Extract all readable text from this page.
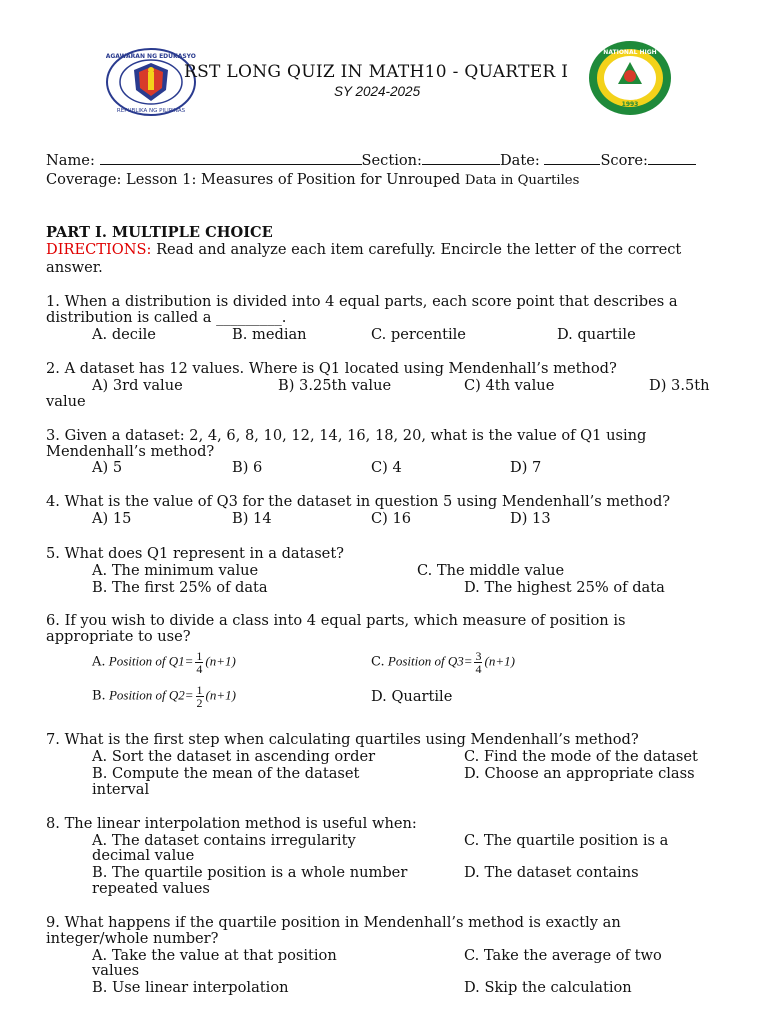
KAGAWARAN NG EDUKASYON
REPUBLIKA NG PILIPINAS
RST LONG QUIZ IN MATH10 - QUARTER I
SY 2024-2025
NATIONAL HIGH
1993
Name:	Section:	Date:	Score:
Coverage: Lesson 1: Measures of Position for Unrouped Data in Quartiles
PART I. MULTIPLE CHOICE
DIRECTIONS: Read and analyze each item carefully. Encircle the letter of the correct
answer.
1. When a distribution is divided into 4 equal parts, each score point that describes a
distribution is called a _________.
A. decile	B. median	C. percentile	D. quartile
2. A dataset has 12 values. Where is Q1 located using Mendenhall’s method?
A) 3rd value	B) 3.25th value	C) 4th value	D) 3.5th
value
3. Given a dataset: 2, 4, 6, 8, 10, 12, 14, 16, 18, 20, what is the value of Q1 using
Mendenhall’s method?
A) 5	B) 6	C) 4	D) 7
4. What is the value of Q3 for the dataset in question 5 using Mendenhall’s method?
A) 15	B) 14	C) 16	D) 13
5. What does Q1 represent in a dataset?
A. The minimum value	C. The middle value
B. The first 25% of data	D. The highest 25% of data
6. If you wish to divide a class into 4 equal parts, which measure of position is
appropriate to use?
A. Position of $Q1= \frac{1}{4} (n+1)$	C. Position of $Q3= \frac{3}{4} (n+1)$
B. Position of $Q2= \frac{1}{2} (n+1)$	D. Quartile
7. What is the first step when calculating quartiles using Mendenhall’s method?
A. Sort the dataset in ascending order	C. Find the mode of the dataset
B. Compute the mean of the dataset	D. Choose an appropriate class
interval
8. The linear interpolation method is useful when:
A. The dataset contains irregularity	C. The quartile position is a
decimal value
B. The quartile position is a whole number	D. The dataset contains
repeated values
9. What happens if the quartile position in Mendenhall’s method is exactly an
integer/whole number?
A. Take the value at that position	C. Take the average of two
values
B. Use linear interpolation	D. Skip the calculation
